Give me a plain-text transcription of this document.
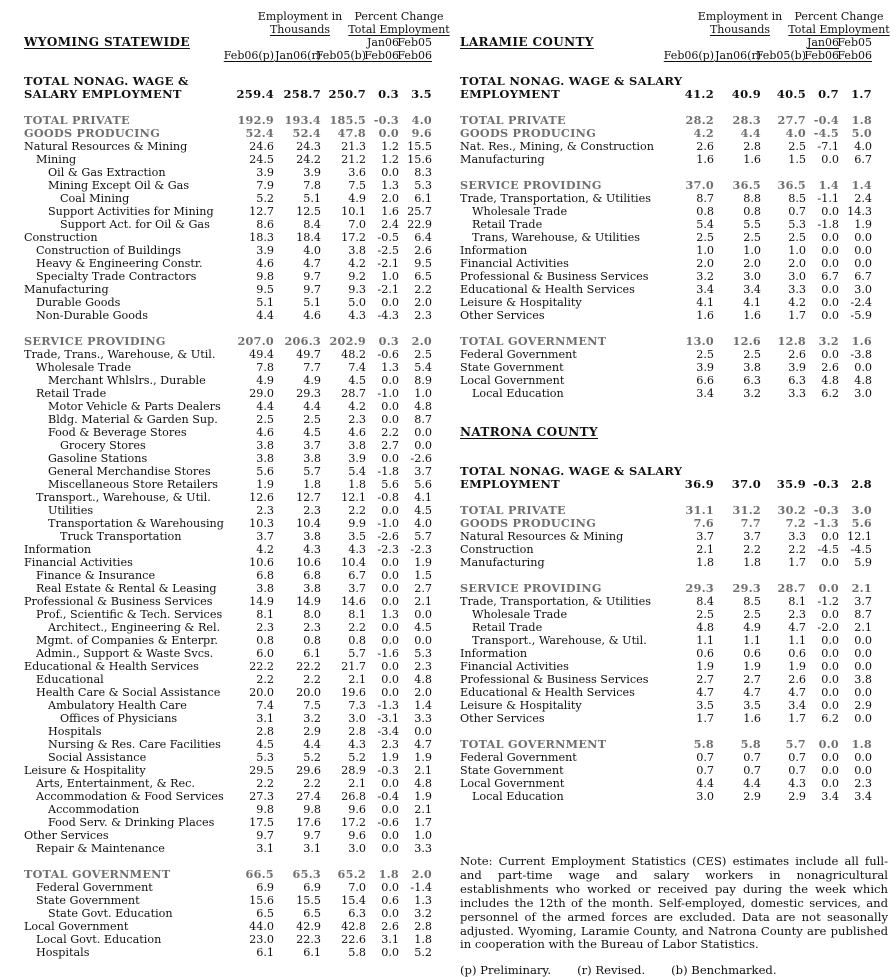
Employment in Percent Change
Thousands Total Employment
WYOMING STATEWIDE	Jan06
Feb05
Feb06(p) Jan06(r)
Feb05(b)
Feb06
Feb06
TOTAL NONAG. WAGE &
SALARY EMPLOYMENT	259.4 258.7 250.7 0.3 3.5
TOTAL PRIVATE	192.9 193.4 185.5 -0.3 4.0
GOODS PRODUCING	52.4 52.4 47.8 0.0 9.6
Natural Resources & Mining	24.6 24.3 21.3 1.2 15.5
Mining	24.5 24.2 21.2 1.2 15.6
Oil & Gas Extraction	3.9	3.9 3.6 0.0 8.3
Mining Except Oil & Gas	7.9	7.8 7.5 1.3 5.3
Coal Mining	5.2	5.1 4.9 2.0 6.1
Support Activities for Mining	12.7 12.5 10.1 1.6 25.7
Support Act. for Oil & Gas	8.6	8.4 7.0 2.4 22.9
Construction	18.3 18.4 17.2 -0.5 6.4
Construction of Buildings	3.9	4.0 3.8 -2.5 2.6
Heavy & Engineering Constr.	4.6	4.7 4.2 -2.1 9.5
Specialty Trade Contractors	9.8	9.7 9.2 1.0 6.5
Manufacturing	9.5	9.7 9.3 -2.1 2.2
Durable Goods	5.1	5.1 5.0 0.0 2.0
Non-Durable Goods	4.4	4.6 4.3 -4.3 2.3
SERVICE PROVIDING	207.0 206.3 202.9 0.3 2.0
Trade, Trans., Warehouse, & Util.	49.4 49.7 48.2 -0.6 2.5
Wholesale Trade	7.8	7.7 7.4 1.3 5.4
Merchant Whlslrs., Durable	4.9	4.9 4.5 0.0 8.9
Retail Trade	29.0 29.3 28.7 -1.0 1.0
Motor Vehicle & Parts Dealers	4.4	4.4 4.2 0.0 4.8
Bldg. Material & Garden Sup.	2.5	2.5 2.3 0.0 8.7
Food & Beverage Stores	4.6	4.5 4.6 2.2 0.0
Grocery Stores	3.8	3.7 3.8 2.7 0.0
Gasoline Stations	3.8	3.8 3.9 0.0 -2.6
General Merchandise Stores	5.6	5.7 5.4 -1.8 3.7
Miscellaneous Store Retailers	1.9	1.8 1.8 5.6 5.6
Transport., Warehouse, & Util.	12.6 12.7 12.1 -0.8 4.1
Utilities	2.3	2.3 2.2 0.0 4.5
Transportation & Warehousing	10.3 10.4 9.9 -1.0 4.0
Truck Transportation	3.7	3.8 3.5 -2.6 5.7
Information	4.2	4.3 4.3 -2.3 -2.3
Financial Activities	10.6 10.6 10.4 0.0 1.9
Finance & Insurance	6.8	6.8 6.7 0.0 1.5
Real Estate & Rental & Leasing	3.8	3.8 3.7 0.0 2.7
Professional & Business Services	14.9 14.9 14.6 0.0 2.1
Prof., Scientific & Tech. Services	8.1	8.0 8.1 1.3 0.0
Architect., Engineering & Rel.	2.3	2.3 2.2 0.0 4.5
Mgmt. of Companies & Enterpr.	0.8	0.8 0.8 0.0 0.0
Admin., Support & Waste Svcs.	6.0	6.1 5.7 -1.6 5.3
Educational & Health Services	22.2 22.2 21.7 0.0 2.3
Educational	2.2	2.2 2.1 0.0 4.8
Health Care & Social Assistance	20.0 20.0 19.6 0.0 2.0
Ambulatory Health Care	7.4	7.5 7.3 -1.3 1.4
Offices of Physicians	3.1	3.2 3.0 -3.1 3.3
Hospitals	2.8	2.9 2.8 -3.4 0.0
Nursing & Res. Care Facilities	4.5	4.4 4.3 2.3 4.7
Social Assistance	5.3	5.2 5.2 1.9 1.9
Leisure & Hospitality	29.5 29.6 28.9 -0.3 2.1
Arts, Entertainment, & Rec.	2.2	2.2 2.1 0.0 4.8
Accommodation & Food Services	27.3 27.4 26.8 -0.4 1.9
Accommodation	9.8	9.8 9.6 0.0 2.1
Food Serv. & Drinking Places	17.5 17.6 17.2 -0.6 1.7
Other Services	9.7	9.7 9.6 0.0 1.0
Repair & Maintenance	3.1	3.1 3.0 0.0 3.3
TOTAL GOVERNMENT	66.5 65.3 65.2 1.8 2.0
Federal Government	6.9	6.9 7.0 0.0 -1.4
State Government	15.6 15.5 15.4 0.6 1.3
State Govt. Education	6.5	6.5 6.3 0.0 3.2
Local Government	44.0 42.9 42.8 2.6 2.8
Local Govt. Education	23.0 22.3 22.6 3.1 1.8
Hospitals	6.1	6.1 5.8 0.0 5.2
Employment in Percent Change
Thousands Total Employment
LARAMIE COUNTY	Jan06
Feb05
Feb06(p) Jan06(r)
Feb05(b)
Feb06
Feb06
TOTAL NONAG. WAGE & SALARY
EMPLOYMENT	41.2 40.9 40.5 0.7 1.7
TOTAL PRIVATE	28.2 28.3 27.7 -0.4 1.8
GOODS PRODUCING	4.2 4.4 4.0 -4.5 5.0
Nat. Res., Mining, & Construction	2.6	2.8 2.5 -7.1 4.0
Manufacturing	1.6	1.6 1.5 0.0 6.7
SERVICE PROVIDING	37.0 36.5 36.5 1.4 1.4
Trade, Transportation, & Utilities	8.7	8.8 8.5 -1.1 2.4
Wholesale Trade	0.8	0.8 0.7 0.0 14.3
Retail Trade	5.4	5.5 5.3 -1.8 1.9
Trans, Warehouse, & Utilities	2.5	2.5 2.5 0.0 0.0
Information	1.0	1.0 1.0 0.0 0.0
Financial Activities	2.0	2.0 2.0 0.0 0.0
Professional & Business Services	3.2	3.0 3.0 6.7 6.7
Educational & Health Services	3.4	3.4 3.3 0.0 3.0
Leisure & Hospitality	4.1	4.1 4.2 0.0 -2.4
Other Services	1.6	1.6 1.7 0.0 -5.9
TOTAL GOVERNMENT	13.0 12.6 12.8 3.2 1.6
Federal Government	2.5	2.5 2.6 0.0 -3.8
State Government	3.9	3.8 3.9 2.6 0.0
Local Government	6.6	6.3 6.3 4.8 4.8
Local Education	3.4	3.2 3.3 6.2 3.0
NATRONA COUNTY
TOTAL NONAG. WAGE & SALARY
EMPLOYMENT	36.9 37.0 35.9 -0.3 2.8
TOTAL PRIVATE	31.1 31.2 30.2 -0.3 3.0
GOODS PRODUCING	7.6 7.7 7.2 -1.3 5.6
Natural Resources & Mining	3.7	3.7 3.3 0.0 12.1
Construction	2.1	2.2 2.2 -4.5 -4.5
Manufacturing	1.8	1.8 1.7 0.0 5.9
SERVICE PROVIDING	29.3 29.3 28.7 0.0 2.1
Trade, Transportation, & Utilities	8.4	8.5 8.1 -1.2 3.7
Wholesale Trade	2.5	2.5 2.3 0.0 8.7
Retail Trade	4.8	4.9 4.7 -2.0 2.1
Transport., Warehouse, & Util.	1.1	1.1 1.1 0.0 0.0
Information	0.6	0.6 0.6 0.0 0.0
Financial Activities	1.9	1.9 1.9 0.0 0.0
Professional & Business Services	2.7	2.7 2.6 0.0 3.8
Educational & Health Services	4.7	4.7 4.7 0.0 0.0
Leisure & Hospitality	3.5	3.5 3.4 0.0 2.9
Other Services	1.7	1.6 1.7 6.2 0.0
TOTAL GOVERNMENT	5.8 5.8 5.7 0.0 1.8
Federal Government	0.7	0.7 0.7 0.0 0.0
State Government	0.7	0.7 0.7 0.0 0.0
Local Government	4.4	4.4 4.3 0.0 2.3
Local Education	3.0	2.9 2.9 3.4 3.4
Note: Current Employment Statistics (CES) estimates include all full- and part-time wage and salary workers in nonagricultural establishments who worked or received pay during the week which includes the 12th of the month. Self-employed, domestic services, and personnel of the armed forces are excluded. Data are not seasonally adjusted. Wyoming, Laramie County, and Natrona County are published in cooperation with the Bureau of Labor Statistics.
(p) Preliminary. (r) Revised. (b) Benchmarked.
